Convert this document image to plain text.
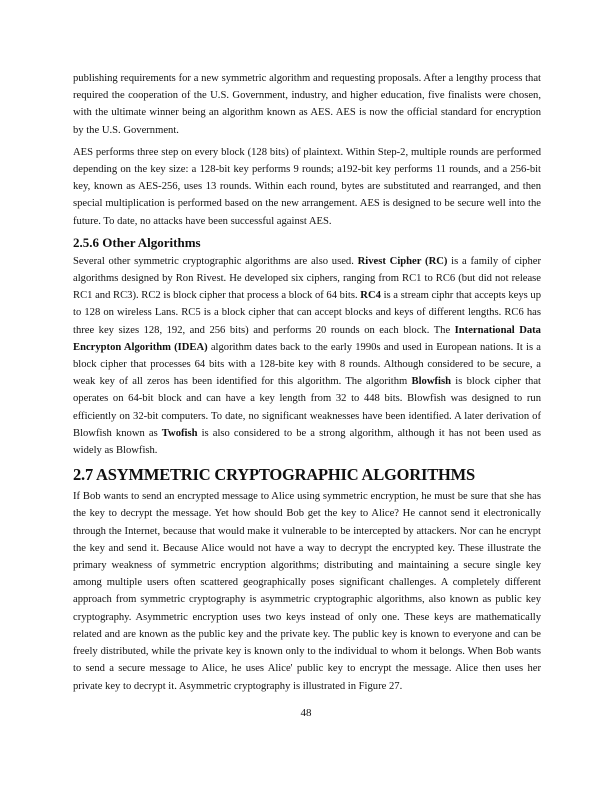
publishing requirements for a new symmetric algorithm and requesting proposals. After a lengthy process that required the cooperation of the U.S. Government, industry, and higher education, five finalists were chosen, with the ultimate winner being an algorithm known as AES. AES is now the official standard for encryption by the U.S. Government.

AES performs three step on every block (128 bits) of plaintext. Within Step-2, multiple rounds are performed depending on the key size: a 128-bit key performs 9 rounds; a192-bit key performs 11 rounds, and a 256-bit key, known as AES-256, uses 13 rounds. Within each round, bytes are substituted and rearranged, and then special multiplication is performed based on the new arrangement. AES is designed to be secure well into the future. To date, no attacks have been successful against AES.

2.5.6 Other Algorithms

Several other symmetric cryptographic algorithms are also used. Rivest Cipher (RC) is a family of cipher algorithms designed by Ron Rivest. He developed six ciphers, ranging from RC1 to RC6 (but did not release RC1 and RC3). RC2 is block cipher that process a block of 64 bits. RC4 is a stream ciphr that accepts keys up to 128 on wireless Lans. RC5 is a block cipher that can accept blocks and keys of different lengths. RC6 has three key sizes 128, 192, and 256 bits) and performs 20 rounds on each block. The International Data Encrypton Algorithm (IDEA) algorithm dates back to the early 1990s and used in European nations. It is a block cipher that processes 64 bits with a 128-bite key with 8 rounds. Although considered to be secure, a weak key of all zeros has been identified for this algorithm. The algorithm Blowfish is block cipher that operates on 64-bit block and can have a key length from 32 to 448 bits. Blowfish was designed to run efficiently on 32-bit computers. To date, no significant weaknesses have been identified. A later derivation of Blowfish known as Twofish is also considered to be a strong algorithm, although it has not been used as widely as Blowfish.

2.7 ASYMMETRIC CRYPTOGRAPHIC ALGORITHMS

If Bob wants to send an encrypted message to Alice using symmetric encryption, he must be sure that she has the key to decrypt the message. Yet how should Bob get the key to Alice? He cannot send it electronically through the Internet, because that would make it vulnerable to be intercepted by attackers. Nor can he encrypt the key and send it. Because Alice would not have a way to decrypt the encrypted key. These illustrate the primary weakness of symmetric encryption algorithms; distributing and maintaining a secure single key among multiple users often scattered geographically poses significant challenges. A completely different approach from symmetric cryptography is asymmetric cryptographic algorithms, also known as public key cryptography. Asymmetric encryption uses two keys instead of only one. These keys are mathematically related and are known as the public key and the private key. The public key is known to everyone and can be freely distributed, while the private key is known only to the individual to whom it belongs. When Bob wants to send a secure message to Alice, he uses Alice' public key to encrypt the message. Alice then uses her private key to decrypt it. Asymmetric cryptography is illustrated in Figure 27.

48
